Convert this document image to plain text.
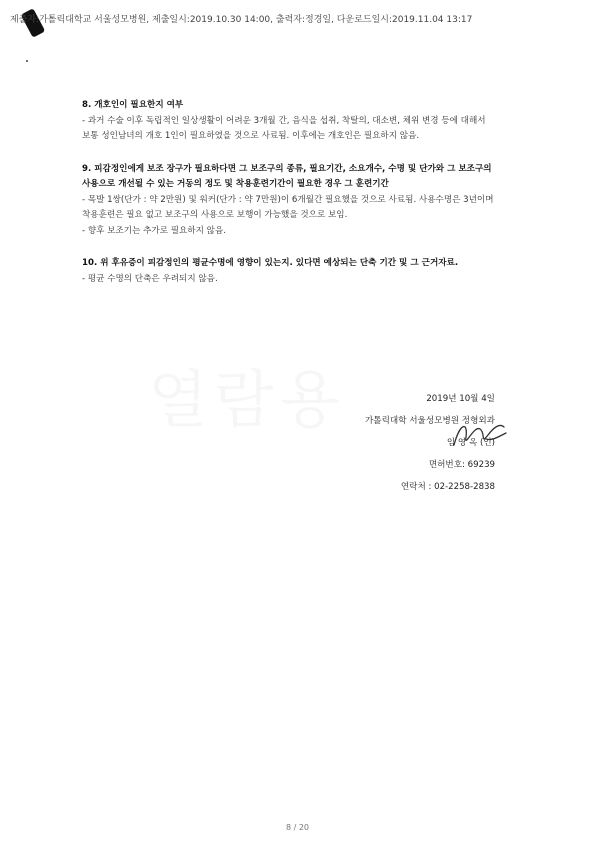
제출자:가톨릭대학교 서울성모병원, 제출일시:2019.10.30 14:00, 출력자:정경일, 다운로드일시:2019.11.04 13:17
8. 개호인이 필요한지 여부
- 과거 수술 이후 독립적인 일상생활이 어려운 3개월 간, 음식을 섭취, 착탈의, 대소변, 체위 변경 등에 대해서 보통 성인남녀의 개호 1인이 필요하였을 것으로 사료됨. 이후에는 개호인은 필요하지 않음.
9. 피감정인에게 보조 장구가 필요하다면 그 보조구의 종류, 필요기간, 소요개수, 수명 및 단가와 그 보조구의 사용으로 개선될 수 있는 거동의 정도 및 착용훈련기간이 필요한 경우 그 훈련기간
- 목발 1쌍(단가 : 약 2만원) 및 워커(단가 : 약 7만원)이 6개월간 필요했을 것으로 사료됨. 사용수명은 3년이며 착용훈련은 필요 없고 보조구의 사용으로 보행이 가능했을 것으로 보임.
- 향후 보조기는 추가로 필요하지 않음.
10. 위 후유증이 피감정인의 평균수명에 영향이 있는지. 있다면 예상되는 단축 기간 및 그 근거자료.
- 평균 수명의 단축은 우려되지 않음.
2019년 10월 4일
가톨릭대학 서울성모병원 정형외과
임 영 옥 (인)
면허번호: 69239
연락처 : 02-2258-2838
8 / 20
